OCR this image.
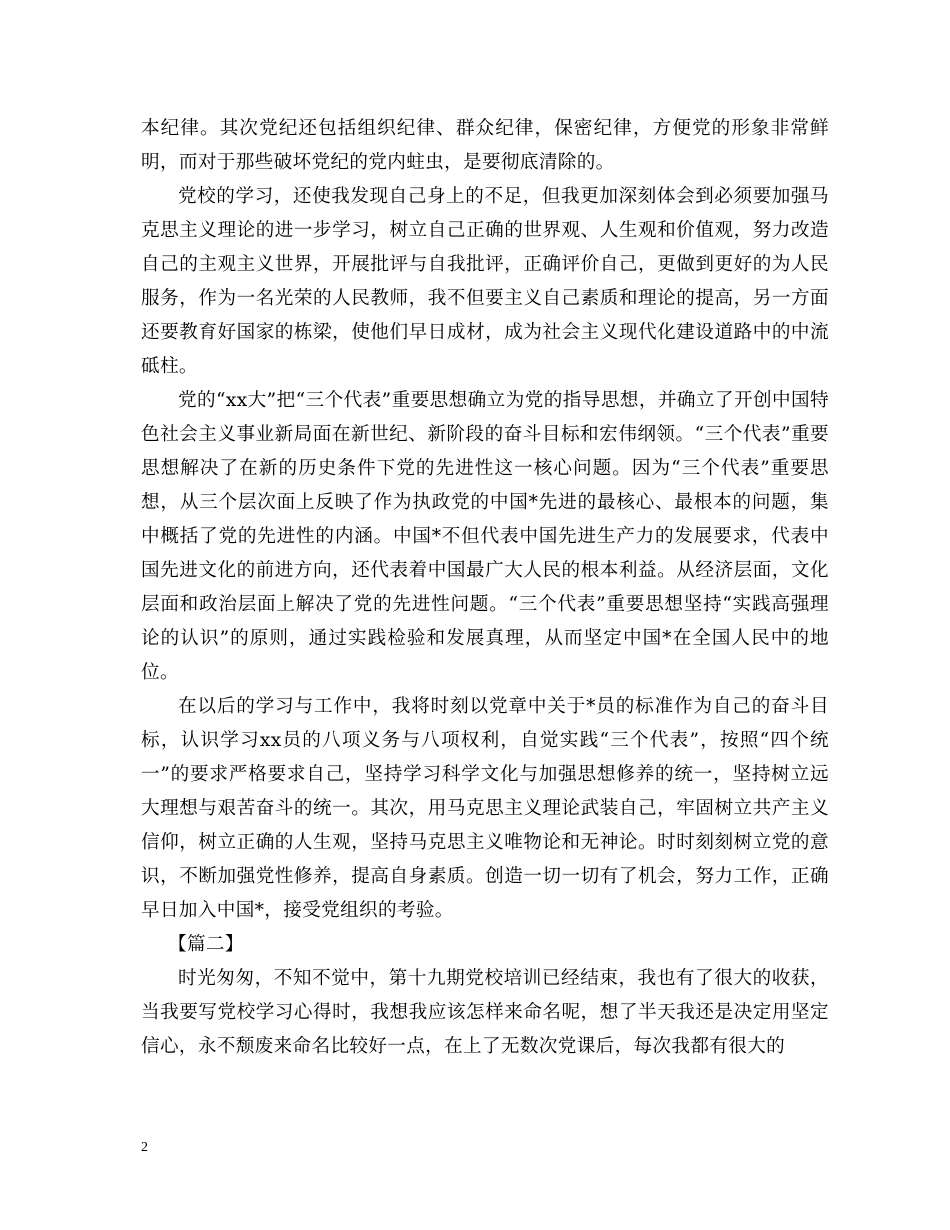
本纪律。其次党纪还包括组织纪律、群众纪律，保密纪律，方便党的形象非常鲜明，而对于那些破坏党纪的党内蛀虫，是要彻底清除的。

党校的学习，还使我发现自己身上的不足，但我更加深刻体会到必须要加强马克思主义理论的进一步学习，树立自己正确的世界观、人生观和价值观，努力改造自己的主观主义世界，开展批评与自我批评，正确评价自己，更做到更好的为人民服务，作为一名光荣的人民教师，我不但要主义自己素质和理论的提高，另一方面还要教育好国家的栋梁，使他们早日成材，成为社会主义现代化建设道路中的中流砥柱。

党的“xx大”把“三个代表”重要思想确立为党的指导思想，并确立了开创中国特色社会主义事业新局面在新世纪、新阶段的奋斗目标和宏伟纲领。“三个代表”重要思想解决了在新的历史条件下党的先进性这一核心问题。因为“三个代表”重要思想，从三个层次面上反映了作为执政党的中国*先进的最核心、最根本的问题，集中概括了党的先进性的内涵。中国*不但代表中国先进生产力的发展要求，代表中国先进文化的前进方向，还代表着中国最广大人民的根本利益。从经济层面，文化层面和政治层面上解决了党的先进性问题。“三个代表”重要思想坚持“实践高强理论的认识”的原则，通过实践检验和发展真理，从而坚定中国*在全国人民中的地位。

在以后的学习与工作中，我将时刻以党章中关于*员的标准作为自己的奋斗目标，认识学习xx员的八项义务与八项权利，自觉实践“三个代表”，按照“四个统一”的要求严格要求自己，坚持学习科学文化与加强思想修养的统一，坚持树立远大理想与艰苦奋斗的统一。其次，用马克思主义理论武装自己，牢固树立共产主义信仰，树立正确的人生观，坚持马克思主义唯物论和无神论。时时刻刻树立党的意识，不断加强党性修养，提高自身素质。创造一切一切有了机会，努力工作，正确早日加入中国*，接受党组织的考验。

【篇二】

时光匆匆，不知不觉中，第十九期党校培训已经结束，我也有了很大的收获，当我要写党校学习心得时，我想我应该怎样来命名呢，想了半天我还是决定用坚定信心，永不颓废来命名比较好一点，在上了无数次党课后，每次我都有很大的

2
